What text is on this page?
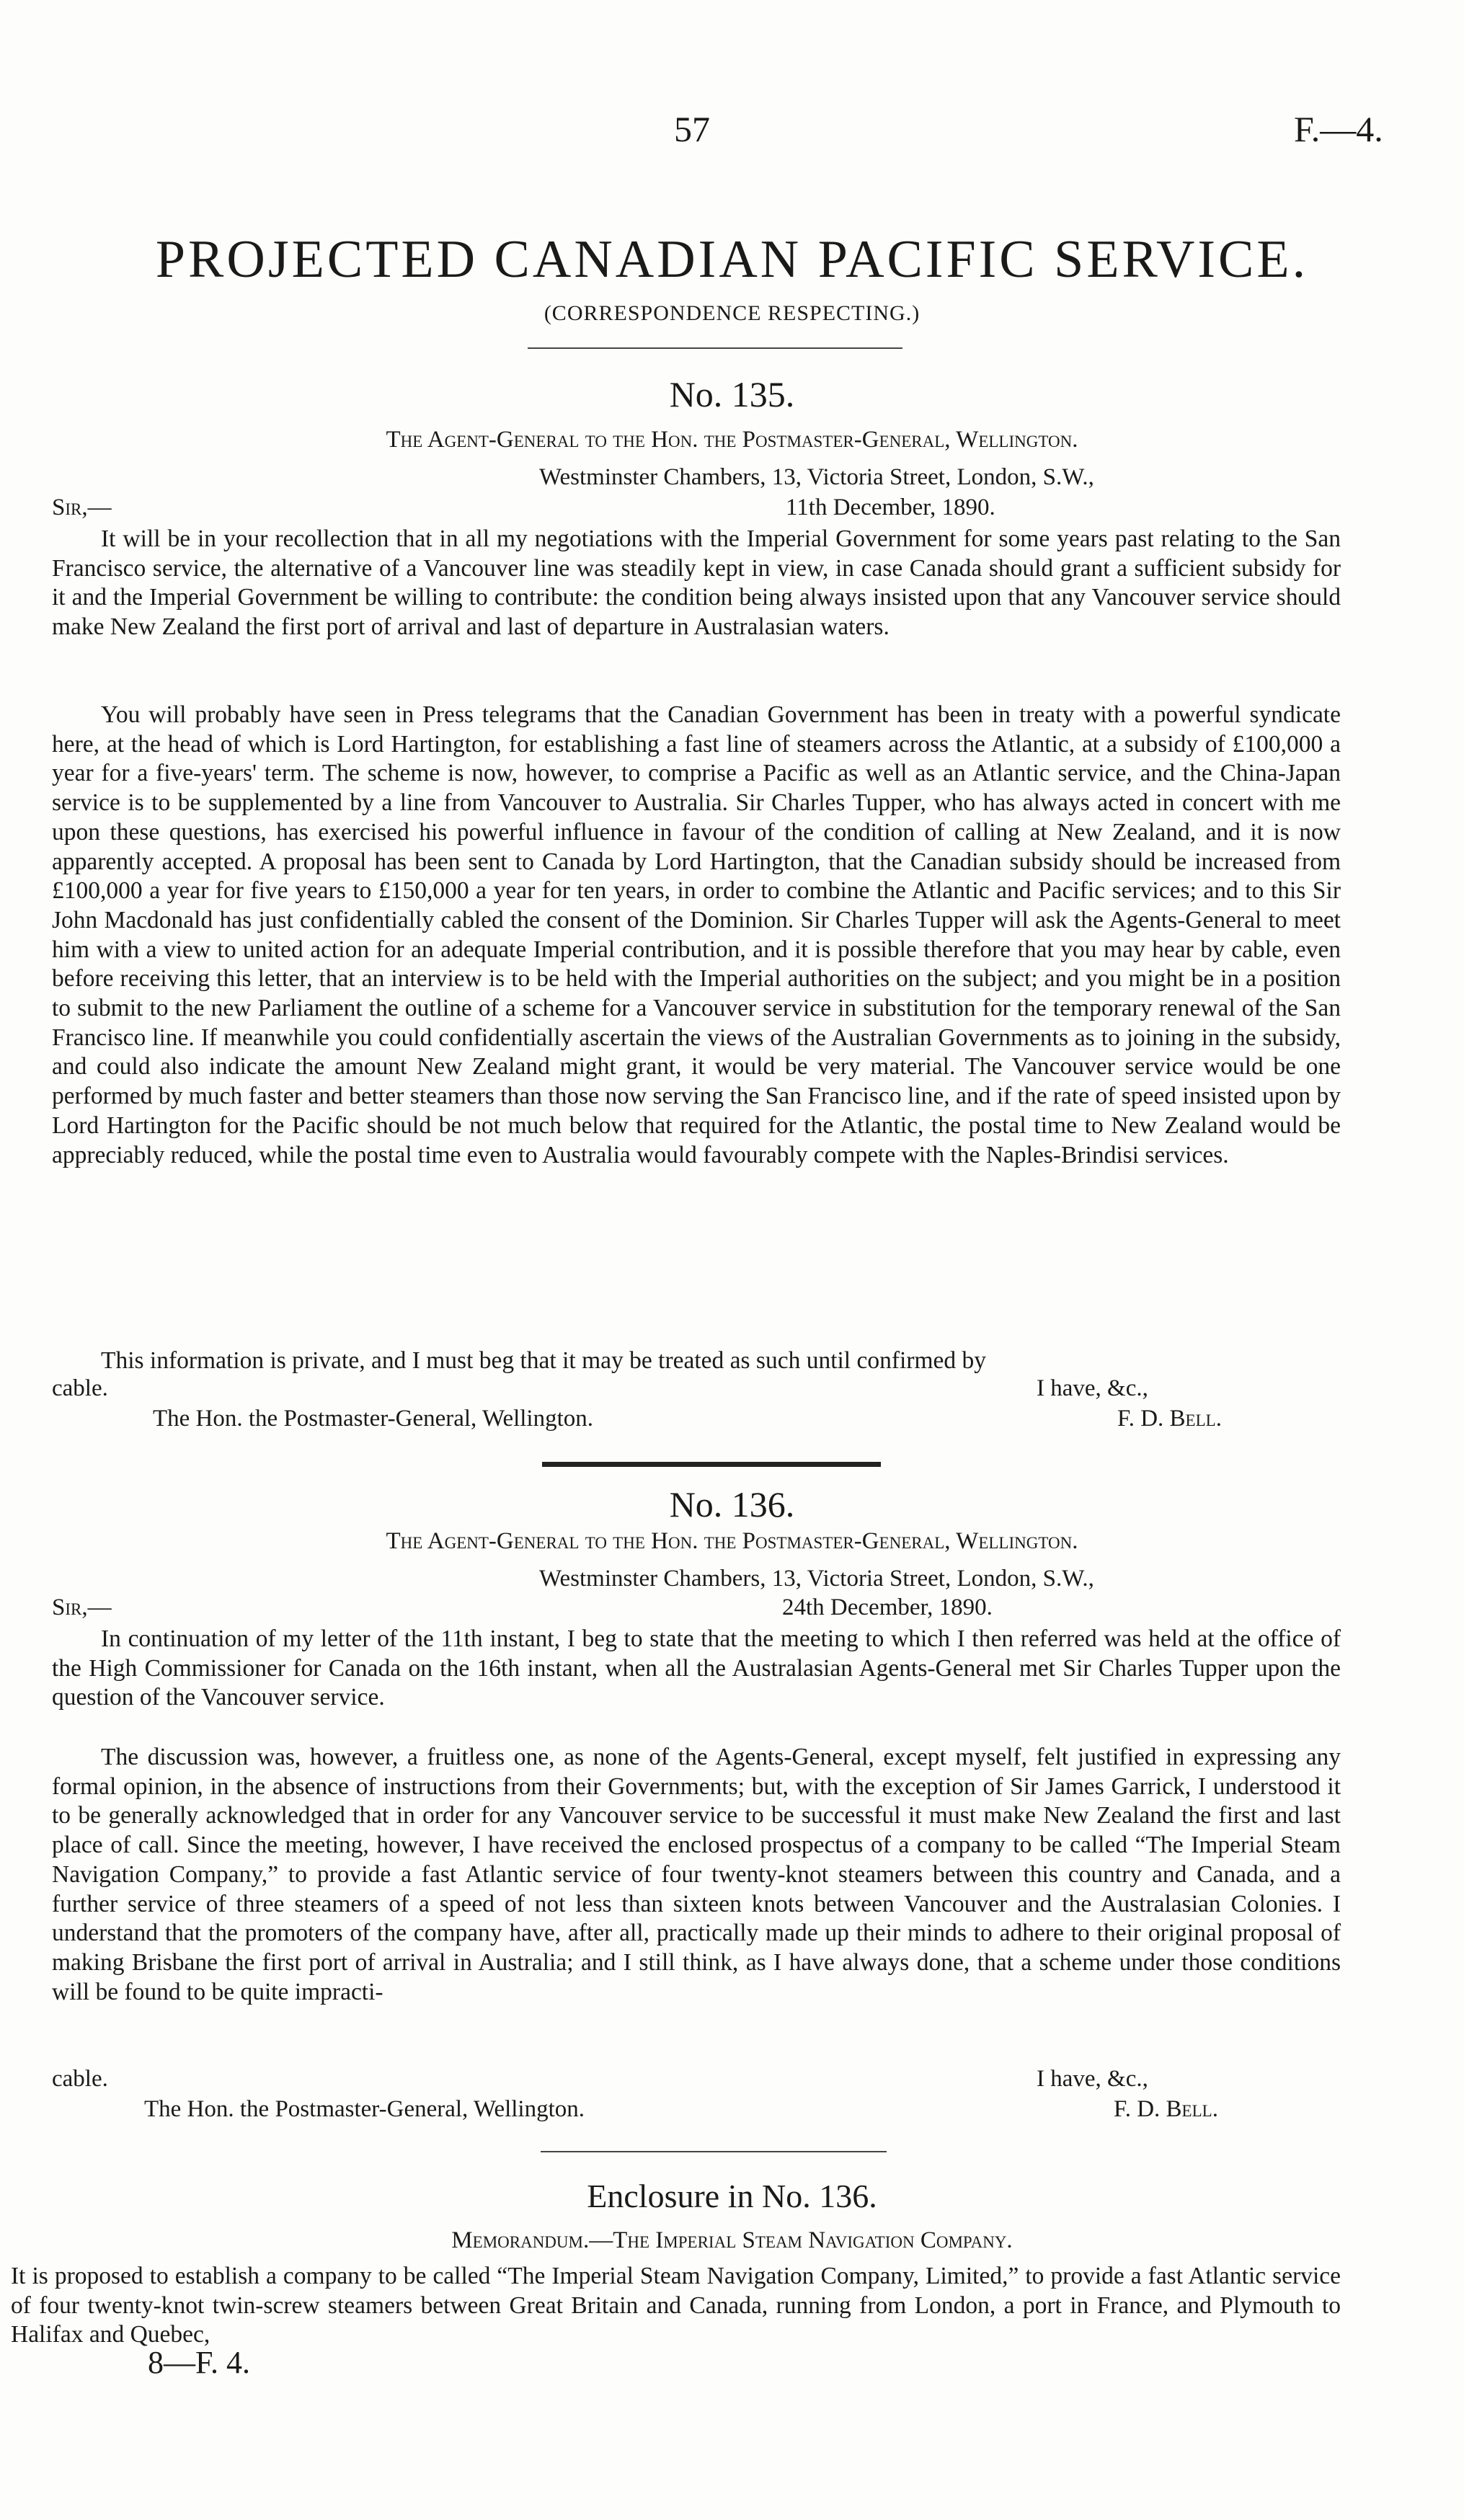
57	F.—4.
PROJECTED CANADIAN PACIFIC SERVICE.
(CORRESPONDENCE RESPECTING.)
No. 135.
The Agent-General to the Hon. the Postmaster-General, Wellington.
Westminster Chambers, 13, Victoria Street, London, S.W.,
Sir,—	11th December, 1890.
It will be in your recollection that in all my negotiations with the Imperial Government for some years past relating to the San Francisco service, the alternative of a Vancouver line was steadily kept in view, in case Canada should grant a sufficient subsidy for it and the Imperial Government be willing to contribute: the condition being always insisted upon that any Vancouver service should make New Zealand the first port of arrival and last of departure in Australasian waters.
You will probably have seen in Press telegrams that the Canadian Government has been in treaty with a powerful syndicate here, at the head of which is Lord Hartington, for establishing a fast line of steamers across the Atlantic, at a subsidy of £100,000 a year for a five-years' term. The scheme is now, however, to comprise a Pacific as well as an Atlantic service, and the China-Japan service is to be supplemented by a line from Vancouver to Australia. Sir Charles Tupper, who has always acted in concert with me upon these questions, has exercised his powerful influence in favour of the condition of calling at New Zealand, and it is now apparently accepted. A proposal has been sent to Canada by Lord Hartington, that the Canadian subsidy should be increased from £100,000 a year for five years to £150,000 a year for ten years, in order to combine the Atlantic and Pacific services; and to this Sir John Macdonald has just confidentially cabled the consent of the Dominion. Sir Charles Tupper will ask the Agents-General to meet him with a view to united action for an adequate Imperial contribution, and it is possible therefore that you may hear by cable, even before receiving this letter, that an interview is to be held with the Imperial authorities on the subject; and you might be in a position to submit to the new Parliament the outline of a scheme for a Vancouver service in substitution for the temporary renewal of the San Francisco line. If meanwhile you could confidentially ascertain the views of the Australian Governments as to joining in the subsidy, and could also indicate the amount New Zealand might grant, it would be very material. The Vancouver service would be one performed by much faster and better steamers than those now serving the San Francisco line, and if the rate of speed insisted upon by Lord Hartington for the Pacific should be not much below that required for the Atlantic, the postal time to New Zealand would be appreciably reduced, while the postal time even to Australia would favourably compete with the Naples-Brindisi services.
This information is private, and I must beg that it may be treated as such until confirmed by
cable.	I have, &c.,
The Hon. the Postmaster-General, Wellington.	F. D. Bell.
No. 136.
The Agent-General to the Hon. the Postmaster-General, Wellington.
Westminster Chambers, 13, Victoria Street, London, S.W.,
Sir,—	24th December, 1890.
In continuation of my letter of the 11th instant, I beg to state that the meeting to which I then referred was held at the office of the High Commissioner for Canada on the 16th instant, when all the Australasian Agents-General met Sir Charles Tupper upon the question of the Vancouver service.
The discussion was, however, a fruitless one, as none of the Agents-General, except myself, felt justified in expressing any formal opinion, in the absence of instructions from their Governments; but, with the exception of Sir James Garrick, I understood it to be generally acknowledged that in order for any Vancouver service to be successful it must make New Zealand the first and last place of call. Since the meeting, however, I have received the enclosed prospectus of a company to be called “The Imperial Steam Navigation Company,” to provide a fast Atlantic service of four twenty-knot steamers between this country and Canada, and a further service of three steamers of a speed of not less than sixteen knots between Vancouver and the Australasian Colonies. I understand that the promoters of the company have, after all, practically made up their minds to adhere to their original proposal of making Brisbane the first port of arrival in Australia; and I still think, as I have always done, that a scheme under those conditions will be found to be quite impracti-
cable.	I have, &c.,
The Hon. the Postmaster-General, Wellington.	F. D. Bell.
Enclosure in No. 136.
Memorandum.—The Imperial Steam Navigation Company.
It is proposed to establish a company to be called “The Imperial Steam Navigation Company, Limited,” to provide a fast Atlantic service of four twenty-knot twin-screw steamers between Great Britain and Canada, running from London, a port in France, and Plymouth to Halifax and Quebec,
8—F. 4.
